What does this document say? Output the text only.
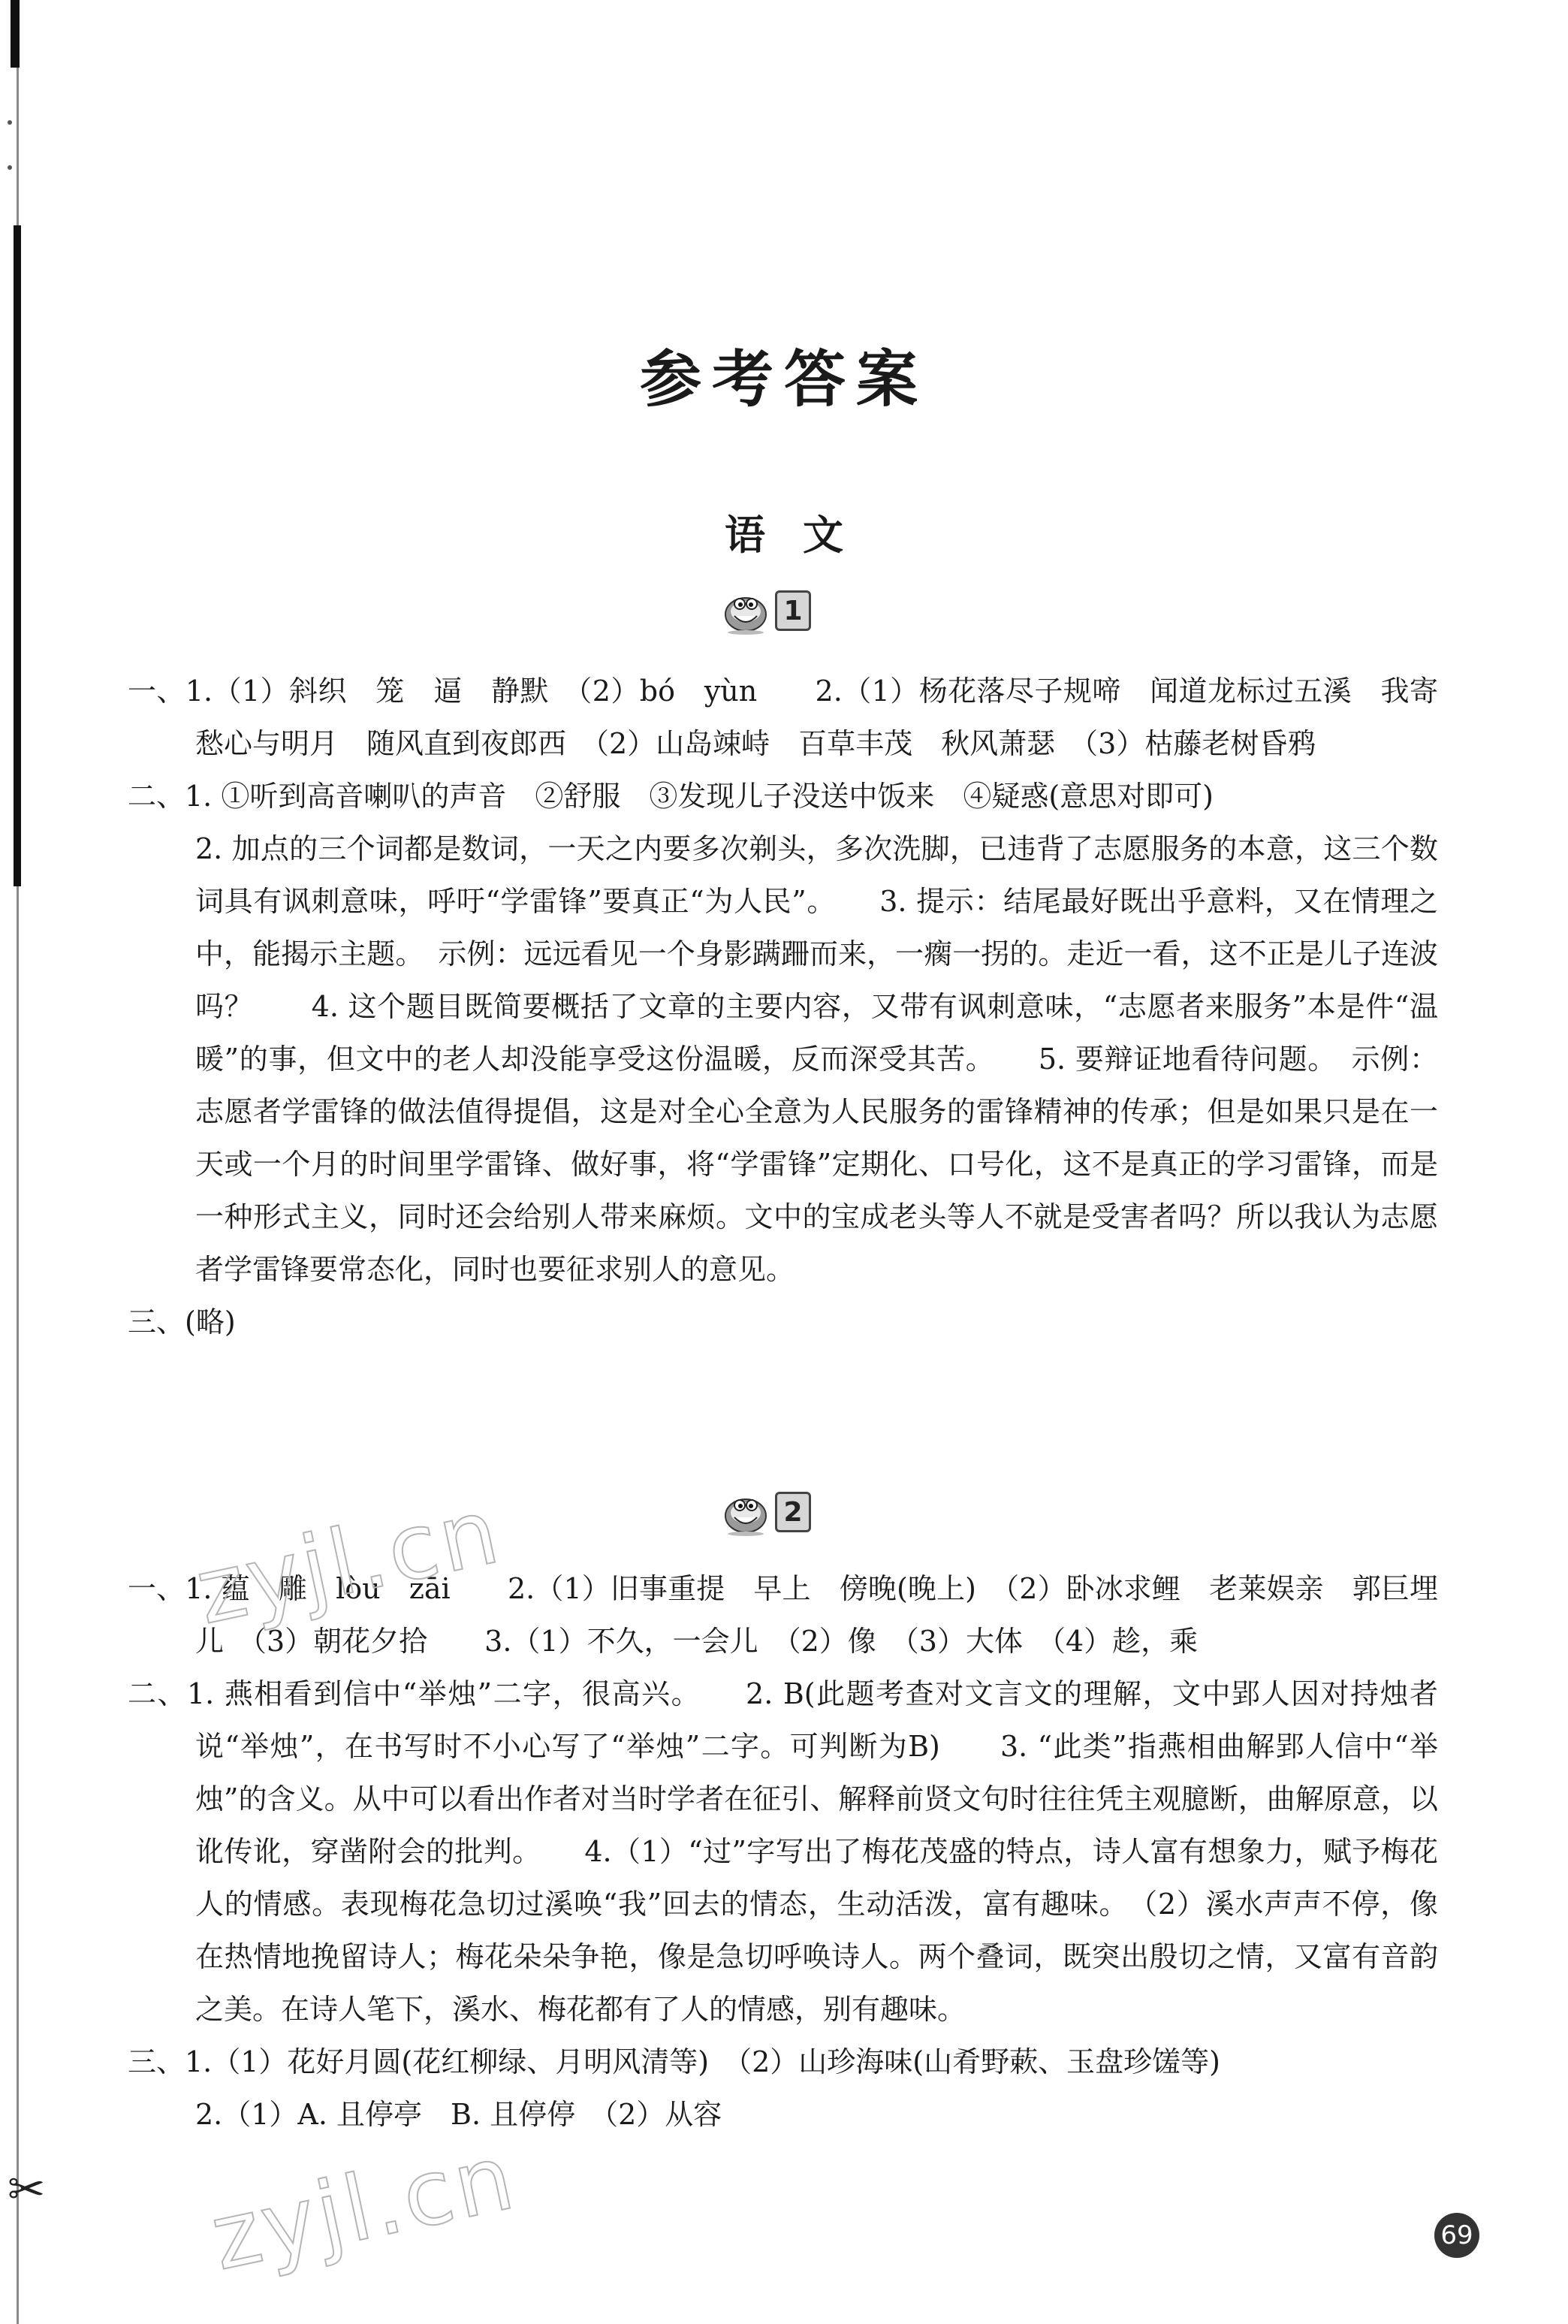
参考答案
语文
1

一、1.（1）斜织　笼　逼　静默　（2）bó　yùn　　2.（1）杨花落尽子规啼　闻道龙标过五溪　我寄愁心与明月　随风直到夜郎西　（2）山岛竦峙　百草丰茂　秋风萧瑟　（3）枯藤老树昏鸦

二、1. ①听到高音喇叭的声音　②舒服　③发现儿子没送中饭来　④疑惑(意思对即可)

2. 加点的三个词都是数词，一天之内要多次剃头，多次洗脚，已违背了志愿服务的本意，这三个数词具有讽刺意味，呼吁“学雷锋”要真正“为人民”。　　3. 提示：结尾最好既出乎意料，又在情理之中，能揭示主题。　示例：远远看见一个身影蹒跚而来，一瘸一拐的。走近一看，这不正是儿子连波吗？　　4. 这个题目既简要概括了文章的主要内容，又带有讽刺意味，“志愿者来服务”本是件“温暖”的事，但文中的老人却没能享受这份温暖，反而深受其苦。　　5. 要辩证地看待问题。　示例：志愿者学雷锋的做法值得提倡，这是对全心全意为人民服务的雷锋精神的传承；但是如果只是在一天或一个月的时间里学雷锋、做好事，将“学雷锋”定期化、口号化，这不是真正的学习雷锋，而是一种形式主义，同时还会给别人带来麻烦。文中的宝成老头等人不就是受害者吗？所以我认为志愿者学雷锋要常态化，同时也要征求别人的意见。

三、(略)

2

一、1. 蕴　雕　lòu　zāi　　2.（1）旧事重提　早上　傍晚(晚上)　（2）卧冰求鲤　老莱娱亲　郭巨埋儿　（3）朝花夕拾　　3.（1）不久，一会儿　（2）像　（3）大体　（4）趁，乘

二、1. 燕相看到信中“举烛”二字，很高兴。　　2. B(此题考查对文言文的理解，文中郢人因对持烛者说“举烛”，在书写时不小心写了“举烛”二字。可判断为B)　　3. “此类”指燕相曲解郢人信中“举烛”的含义。从中可以看出作者对当时学者在征引、解释前贤文句时往往凭主观臆断，曲解原意，以讹传讹，穿凿附会的批判。　　4.（1）“过”字写出了梅花茂盛的特点，诗人富有想象力，赋予梅花人的情感。表现梅花急切过溪唤“我”回去的情态，生动活泼，富有趣味。　（2）溪水声声不停，像在热情地挽留诗人；梅花朵朵争艳，像是急切呼唤诗人。两个叠词，既突出殷切之情，又富有音韵之美。在诗人笔下，溪水、梅花都有了人的情感，别有趣味。

三、1.（1）花好月圆(花红柳绿、月明风清等)　（2）山珍海味(山肴野蔌、玉盘珍馐等)

2.（1）A. 且停亭　B. 且停停　（2）从容

zyjl.cn
zyjl.cn
✂
69
